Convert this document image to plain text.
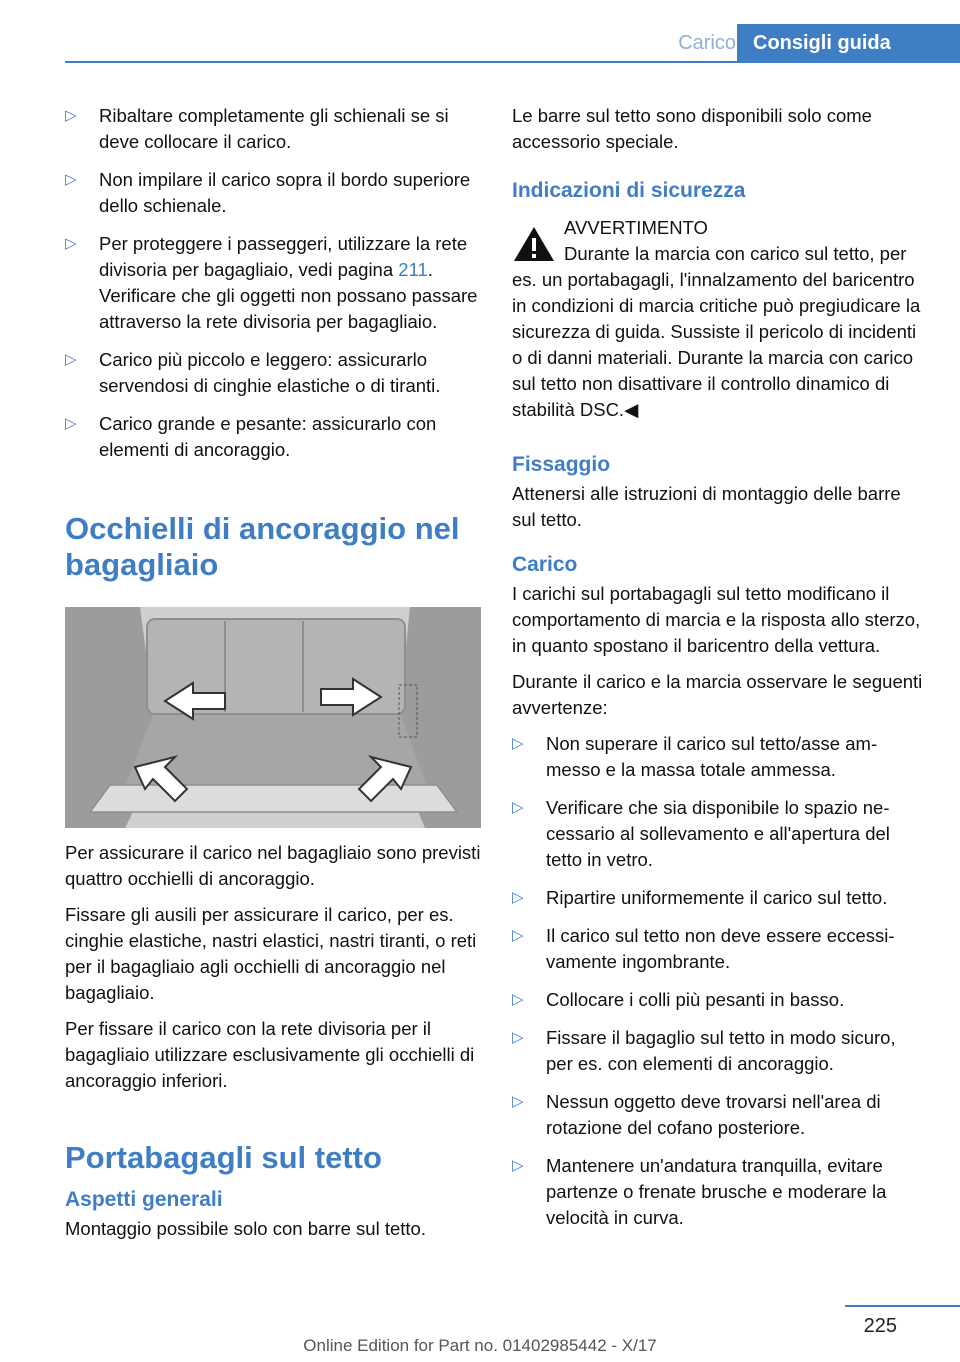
Carico Consigli guida
▷ Ribaltare completamente gli schienali se si deve collocare il carico.
▷ Non impilare il carico sopra il bordo superiore dello schienale.
▷ Per proteggere i passeggeri, utilizzare la rete divisoria per bagagliaio, vedi pagina 211. Verificare che gli oggetti non possano passare attraverso la rete divisoria per bagagliaio.
▷ Carico più piccolo e leggero: assicurarlo servendosi di cinghie elastiche o di tiranti.
▷ Carico grande e pesante: assicurarlo con elementi di ancoraggio.
Occhielli di ancoraggio nel bagagliaio

Per assicurare il carico nel bagagliaio sono previsti quattro occhielli di ancoraggio.

Fissare gli ausili per assicurare il carico, per es. cinghie elastiche, nastri elastici, nastri tiranti, o reti per il bagagliaio agli occhielli di ancoraggio nel bagagliaio.

Per fissare il carico con la rete divisoria per il bagagliaio utilizzare esclusivamente gli occhielli di ancoraggio inferiori.

Portabagagli sul tetto
Aspetti generali

Montaggio possibile solo con barre sul tetto.

Le barre sul tetto sono disponibili solo come accessorio speciale.

Indicazioni di sicurezza
AVVERTIMENTO
Durante la marcia con carico sul tetto, per es. un portabagagli, l'innalzamento del baricentro in condizioni di marcia critiche può pregiudicare la sicurezza di guida. Sussiste il pericolo di incidenti o di danni materiali. Durante la marcia con carico sul tetto non disattivare il controllo dinamico di stabilità DSC.◀
Fissaggio

Attenersi alle istruzioni di montaggio delle barre sul tetto.

Carico

I carichi sul portabagagli sul tetto modificano il comportamento di marcia e la risposta allo sterzo, in quanto spostano il baricentro della vettura.

Durante il carico e la marcia osservare le seguenti avvertenze:

▷ Non superare il carico sul tetto/asse ammesso e la massa totale ammessa.
▷ Verificare che sia disponibile lo spazio necessario al sollevamento e all'apertura del tetto in vetro.
▷ Ripartire uniformemente il carico sul tetto.
▷ Il carico sul tetto non deve essere eccessivamente ingombrante.
▷ Collocare i colli più pesanti in basso.
▷ Fissare il bagaglio sul tetto in modo sicuro, per es. con elementi di ancoraggio.
▷ Nessun oggetto deve trovarsi nell'area di rotazione del cofano posteriore.
▷ Mantenere un'andatura tranquilla, evitare partenze o frenate brusche e moderare la velocità in curva.
225
Online Edition for Part no. 01402985442 - X/17
